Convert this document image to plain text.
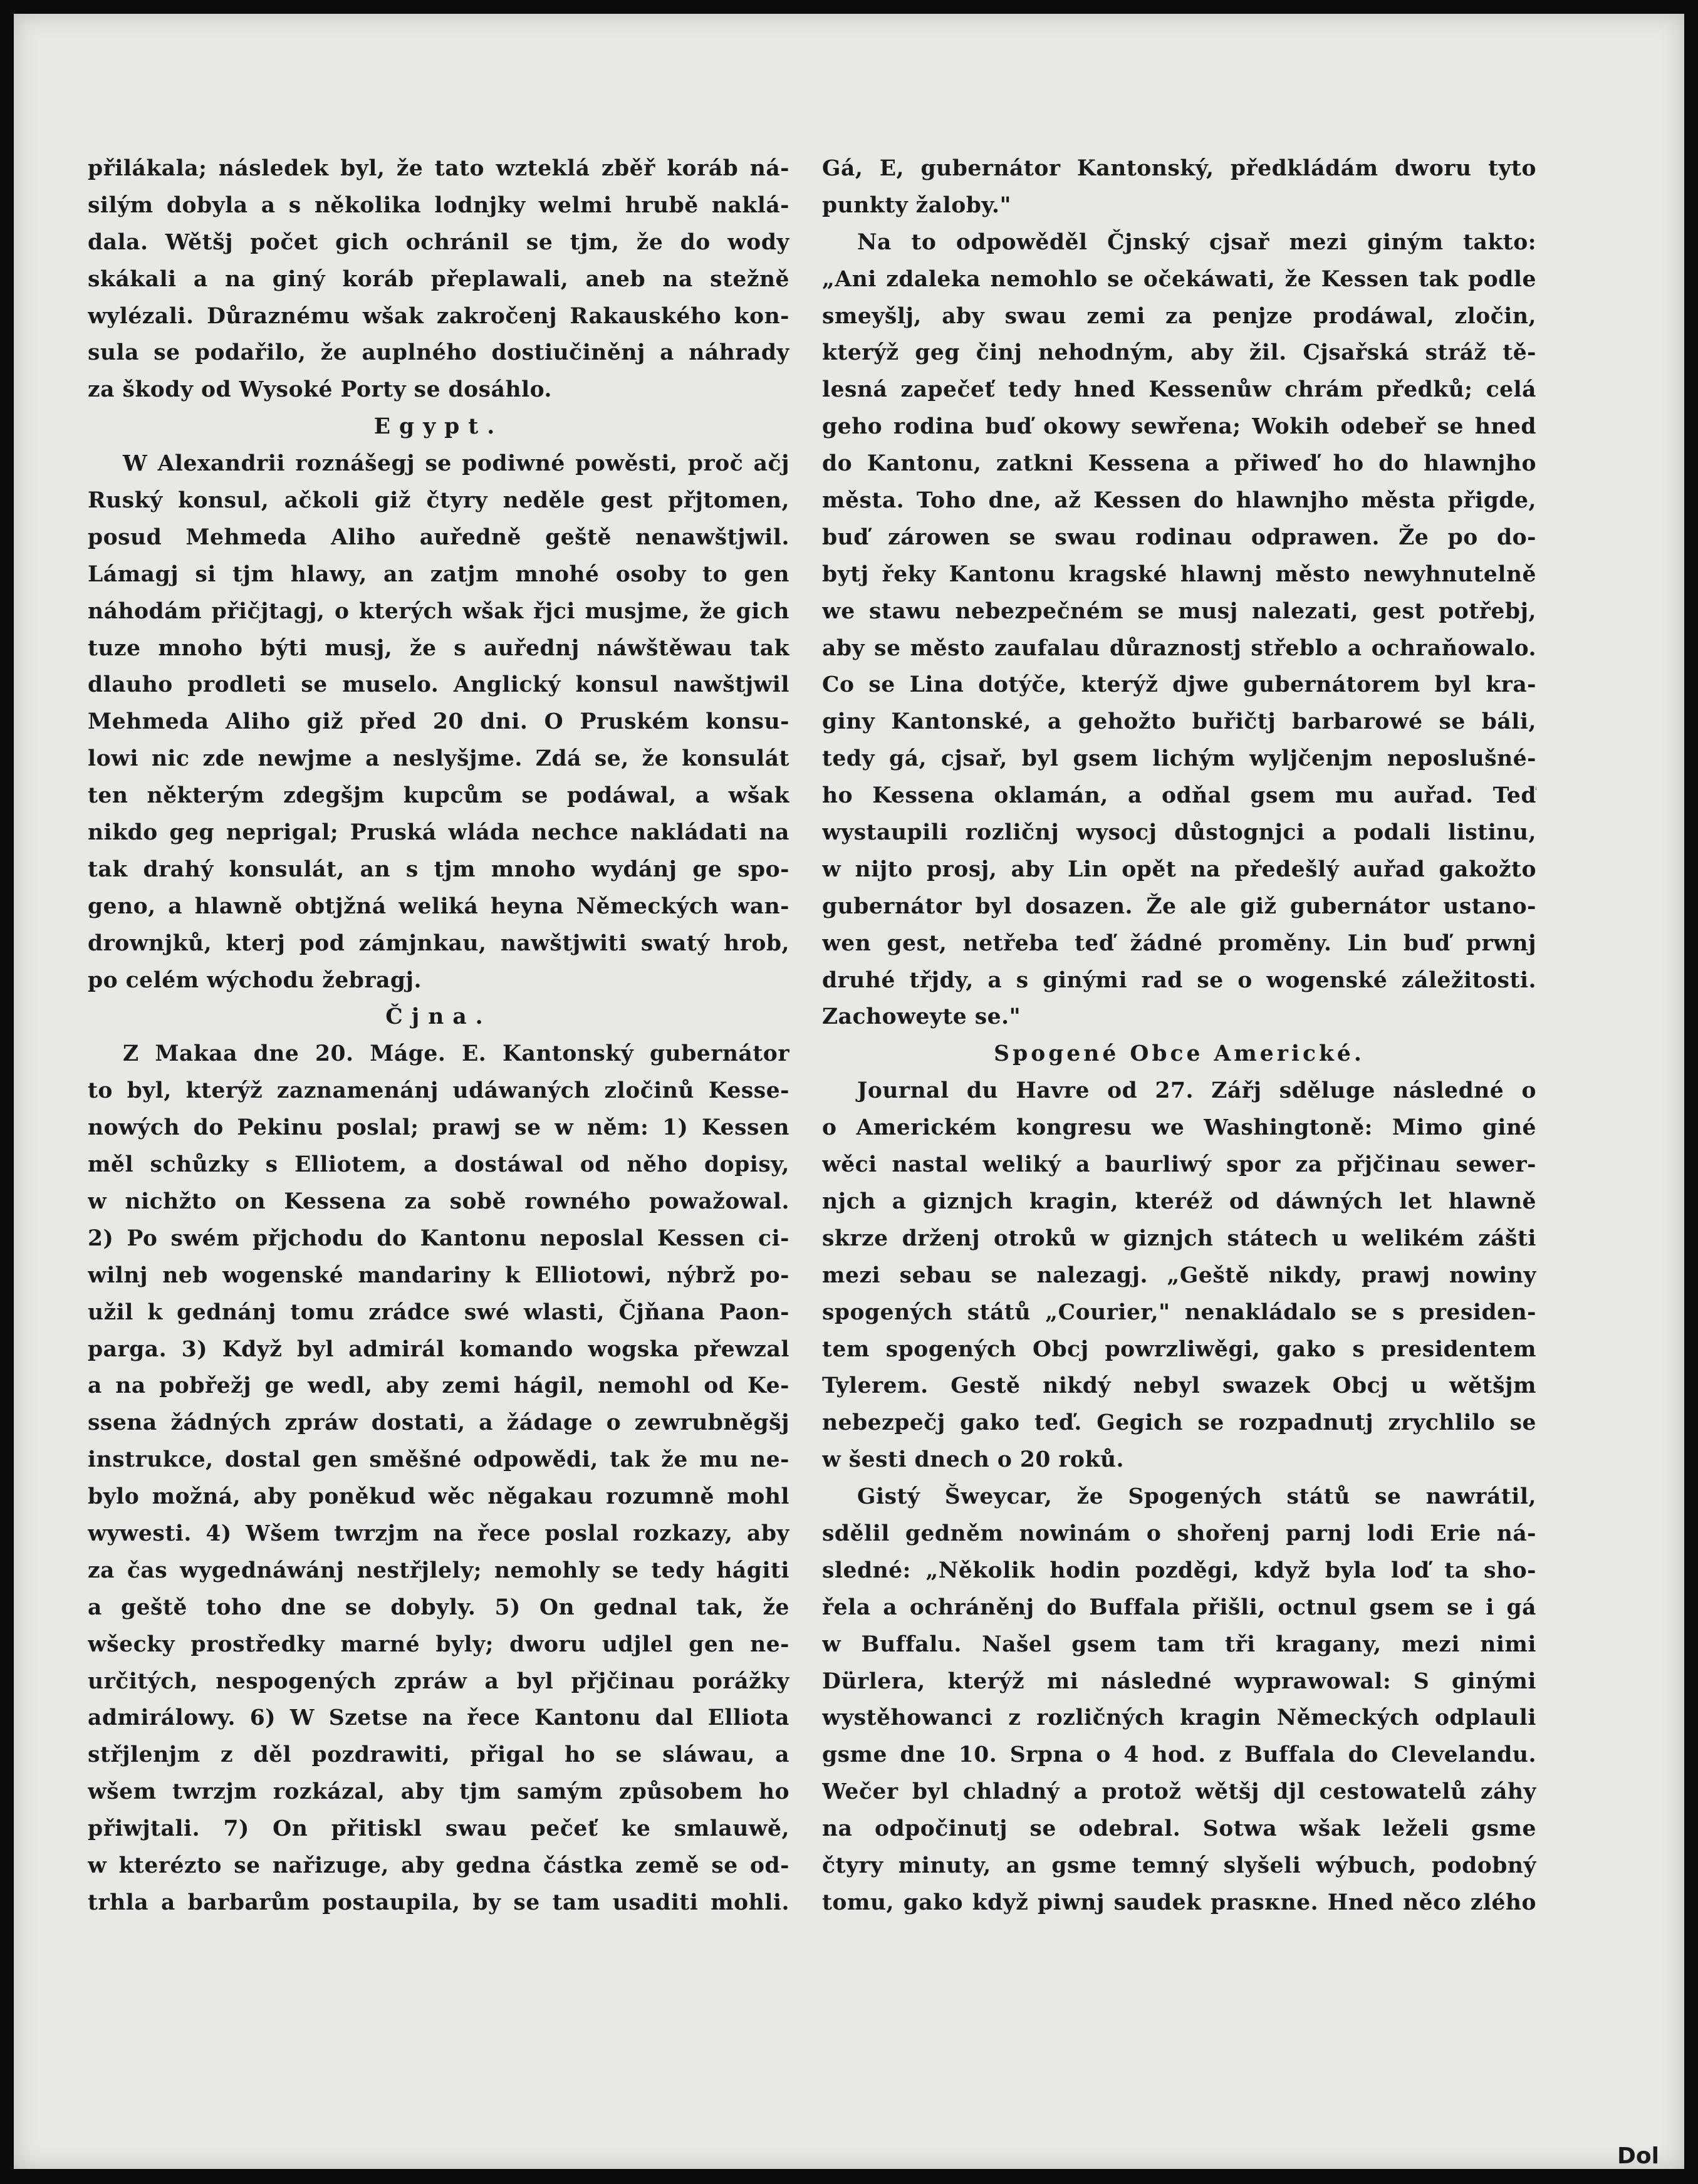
přilákala; následek byl, že tato wzteklá zběř koráb ná-
silým dobyla a s několika lodnjky welmi hrubě naklá-
dala. Wětšj počet gich ochránil se tjm, že do wody
skákali a na giný koráb přeplawali, aneb na stežně
wylézali. Důraznému wšak zakročenj Rakauského kon-
sula se podařilo, že auplného dostiučiněnj a náhrady
za škody od Wysoké Porty se dosáhlo.
Egypt.
W Alexandrii roznášegj se podiwné powěsti, proč ačj
Ruský konsul, ačkoli giž čtyry neděle gest přjtomen,
posud Mehmeda Aliho auředně geště nenawštjwil.
Lámagj si tjm hlawy, an zatjm mnohé osoby to gen
náhodám přičjtagj, o kterých wšak řjci musjme, že gich
tuze mnoho býti musj, že s auřednj náwštěwau tak
dlauho prodleti se muselo. Anglický konsul nawštjwil
Mehmeda Aliho giž před 20 dni. O Pruském konsu-
lowi nic zde newjme a neslyšjme. Zdá se, že konsulát
ten některým zdegšjm kupcům se podáwal, a wšak
nikdo geg neprigal; Pruská wláda nechce nakládati na
tak drahý konsulát, an s tjm mnoho wydánj ge spo-
geno, a hlawně obtjžná weliká heyna Německých wan-
drownjků, kterj pod zámjnkau, nawštjwiti swatý hrob,
po celém wýchodu žebragj.
Čjna.
Z Makaa dne 20. Máge. E. Kantonský gubernátor
to byl, kterýž zaznamenánj udáwaných zločinů Kesse-
nowých do Pekinu poslal; prawj se w něm: 1) Kessen
měl schůzky s Elliotem, a dostáwal od něho dopisy,
w nichžto on Kessena za sobě rowného powažowal.
2) Po swém přjchodu do Kantonu neposlal Kessen ci-
wilnj neb wogenské mandariny k Elliotowi, nýbrž po-
užil k gednánj tomu zrádce swé wlasti, Čjňana Paon-
parga. 3) Když byl admirál komando wogska přewzal
a na pobřežj ge wedl, aby zemi hágil, nemohl od Ke-
ssena žádných zpráw dostati, a žádage o zewrubněgšj
instrukce, dostal gen směšné odpowědi, tak že mu ne-
bylo možná, aby poněkud wěc něgakau rozumně mohl
wywesti. 4) Wšem twrzjm na řece poslal rozkazy, aby
za čas wygednáwánj nestřjlely; nemohly se tedy hágiti
a geště toho dne se dobyly. 5) On gednal tak, že
wšecky prostředky marné byly; dworu udjlel gen ne-
určitých, nespogených zpráw a byl přjčinau porážky
admirálowy. 6) W Szetse na řece Kantonu dal Elliota
střjlenjm z děl pozdrawiti, přigal ho se sláwau, a
wšem twrzjm rozkázal, aby tjm samým způsobem ho
přiwjtali. 7) On přitiskl swau pečeť ke smlauwě,
w kterézto se nařizuge, aby gedna částka země se od-
trhla a barbarům postaupila, by se tam usaditi mohli.
Gá, E, gubernátor Kantonský, předkládám dworu tyto
punkty žaloby."
Na to odpowěděl Čjnský cjsař mezi giným takto:
„Ani zdaleka nemohlo se očekáwati, že Kessen tak podle
smeyšlj, aby swau zemi za penjze prodáwal, zločin,
kterýž geg činj nehodným, aby žil. Cjsařská stráž tě-
lesná zapečeť tedy hned Kessenůw chrám předků; celá
geho rodina buď okowy sewřena; Wokih odebeř se hned
do Kantonu, zatkni Kessena a přiweď ho do hlawnjho
města. Toho dne, až Kessen do hlawnjho města přigde,
buď zárowen se swau rodinau odprawen. Že po do-
bytj řeky Kantonu kragské hlawnj město newyhnutelně
we stawu nebezpečném se musj nalezati, gest potřebj,
aby se město zaufalau důraznostj střeblo a ochraňowalo.
Co se Lina dotýče, kterýž djwe gubernátorem byl kra-
giny Kantonské, a gehožto buřičtj barbarowé se báli,
tedy gá, cjsař, byl gsem lichým wyljčenjm neposlušné-
ho Kessena oklamán, a odňal gsem mu auřad. Teď
wystaupili rozličnj wysocj důstognjci a podali listinu,
w nijto prosj, aby Lin opět na předešlý auřad gakožto
gubernátor byl dosazen. Že ale giž gubernátor ustano-
wen gest, netřeba teď žádné proměny. Lin buď prwnj
druhé třjdy, a s ginými rad se o wogenské záležitosti.
Zachoweyte se."
Spogené Obce Americké.
Journal du Havre od 27. Zářj sděluge následné o
o Americkém kongresu we Washingtoně: Mimo giné
wěci nastal weliký a baurliwý spor za přjčinau sewer-
njch a giznjch kragin, kteréž od dáwných let hlawně
skrze drženj otroků w giznjch státech u welikém zášti
mezi sebau se nalezagj. „Geště nikdy, prawj nowiny
spogených států „Courier," nenakládalo se s presiden-
tem spogených Obcj powrzliwěgi, gako s presidentem
Tylerem. Gestě nikdý nebyl swazek Obcj u wětšjm
nebezpečj gako teď. Gegich se rozpadnutj zrychlilo se
w šesti dnech o 20 roků.
Gistý Šweycar, že Spogených států se nawrátil,
sdělil gedněm nowinám o shořenj parnj lodi Erie ná-
sledné: „Několik hodin pozděgi, když byla loď ta sho-
řela a ochráněnj do Buffala přišli, octnul gsem se i gá
w Buffalu. Našel gsem tam tři kragany, mezi nimi
Dürlera, kterýž mi následné wyprawowal: S ginými
wystěhowanci z rozličných kragin Německých odplauli
gsme dne 10. Srpna o 4 hod. z Buffala do Clevelandu.
Wečer byl chladný a protož wětšj djl cestowatelů záhy
na odpočinutj se odebral. Sotwa wšak leželi gsme
čtyry minuty, an gsme temný slyšeli wýbuch, podobný
tomu, gako když piwnj saudek prasкne. Hned něco zlého
Dol
